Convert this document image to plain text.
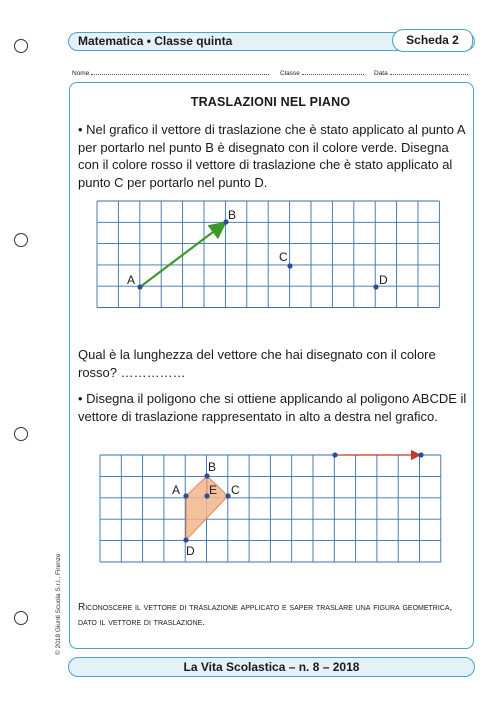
Matematica • Classe quinta	Scheda 2
Nome	Classe	Data
TRASLAZIONI NEL PIANO
• Nel grafico il vettore di traslazione che è stato applicato al punto A per portarlo nel punto B è disegnato con il colore verde. Disegna con il colore rosso il vettore di traslazione che è stato applicato al punto C per portarlo nel punto D.
A
B
C
D
A
B
C
E
D
Qual è la lunghezza del vettore che hai disegnato con il colore rosso? ……………
• Disegna il poligono che si ottiene applicando al poligono ABCDE il vettore di traslazione rappresentato in alto a destra nel grafico.
Riconoscere il vettore di traslazione applicato e saper traslare una figura geometrica, dato il vettore di traslazione.
© 2018 Giunti Scuola S.r.l., Firenze
La Vita Scolastica – n. 8 – 2018
